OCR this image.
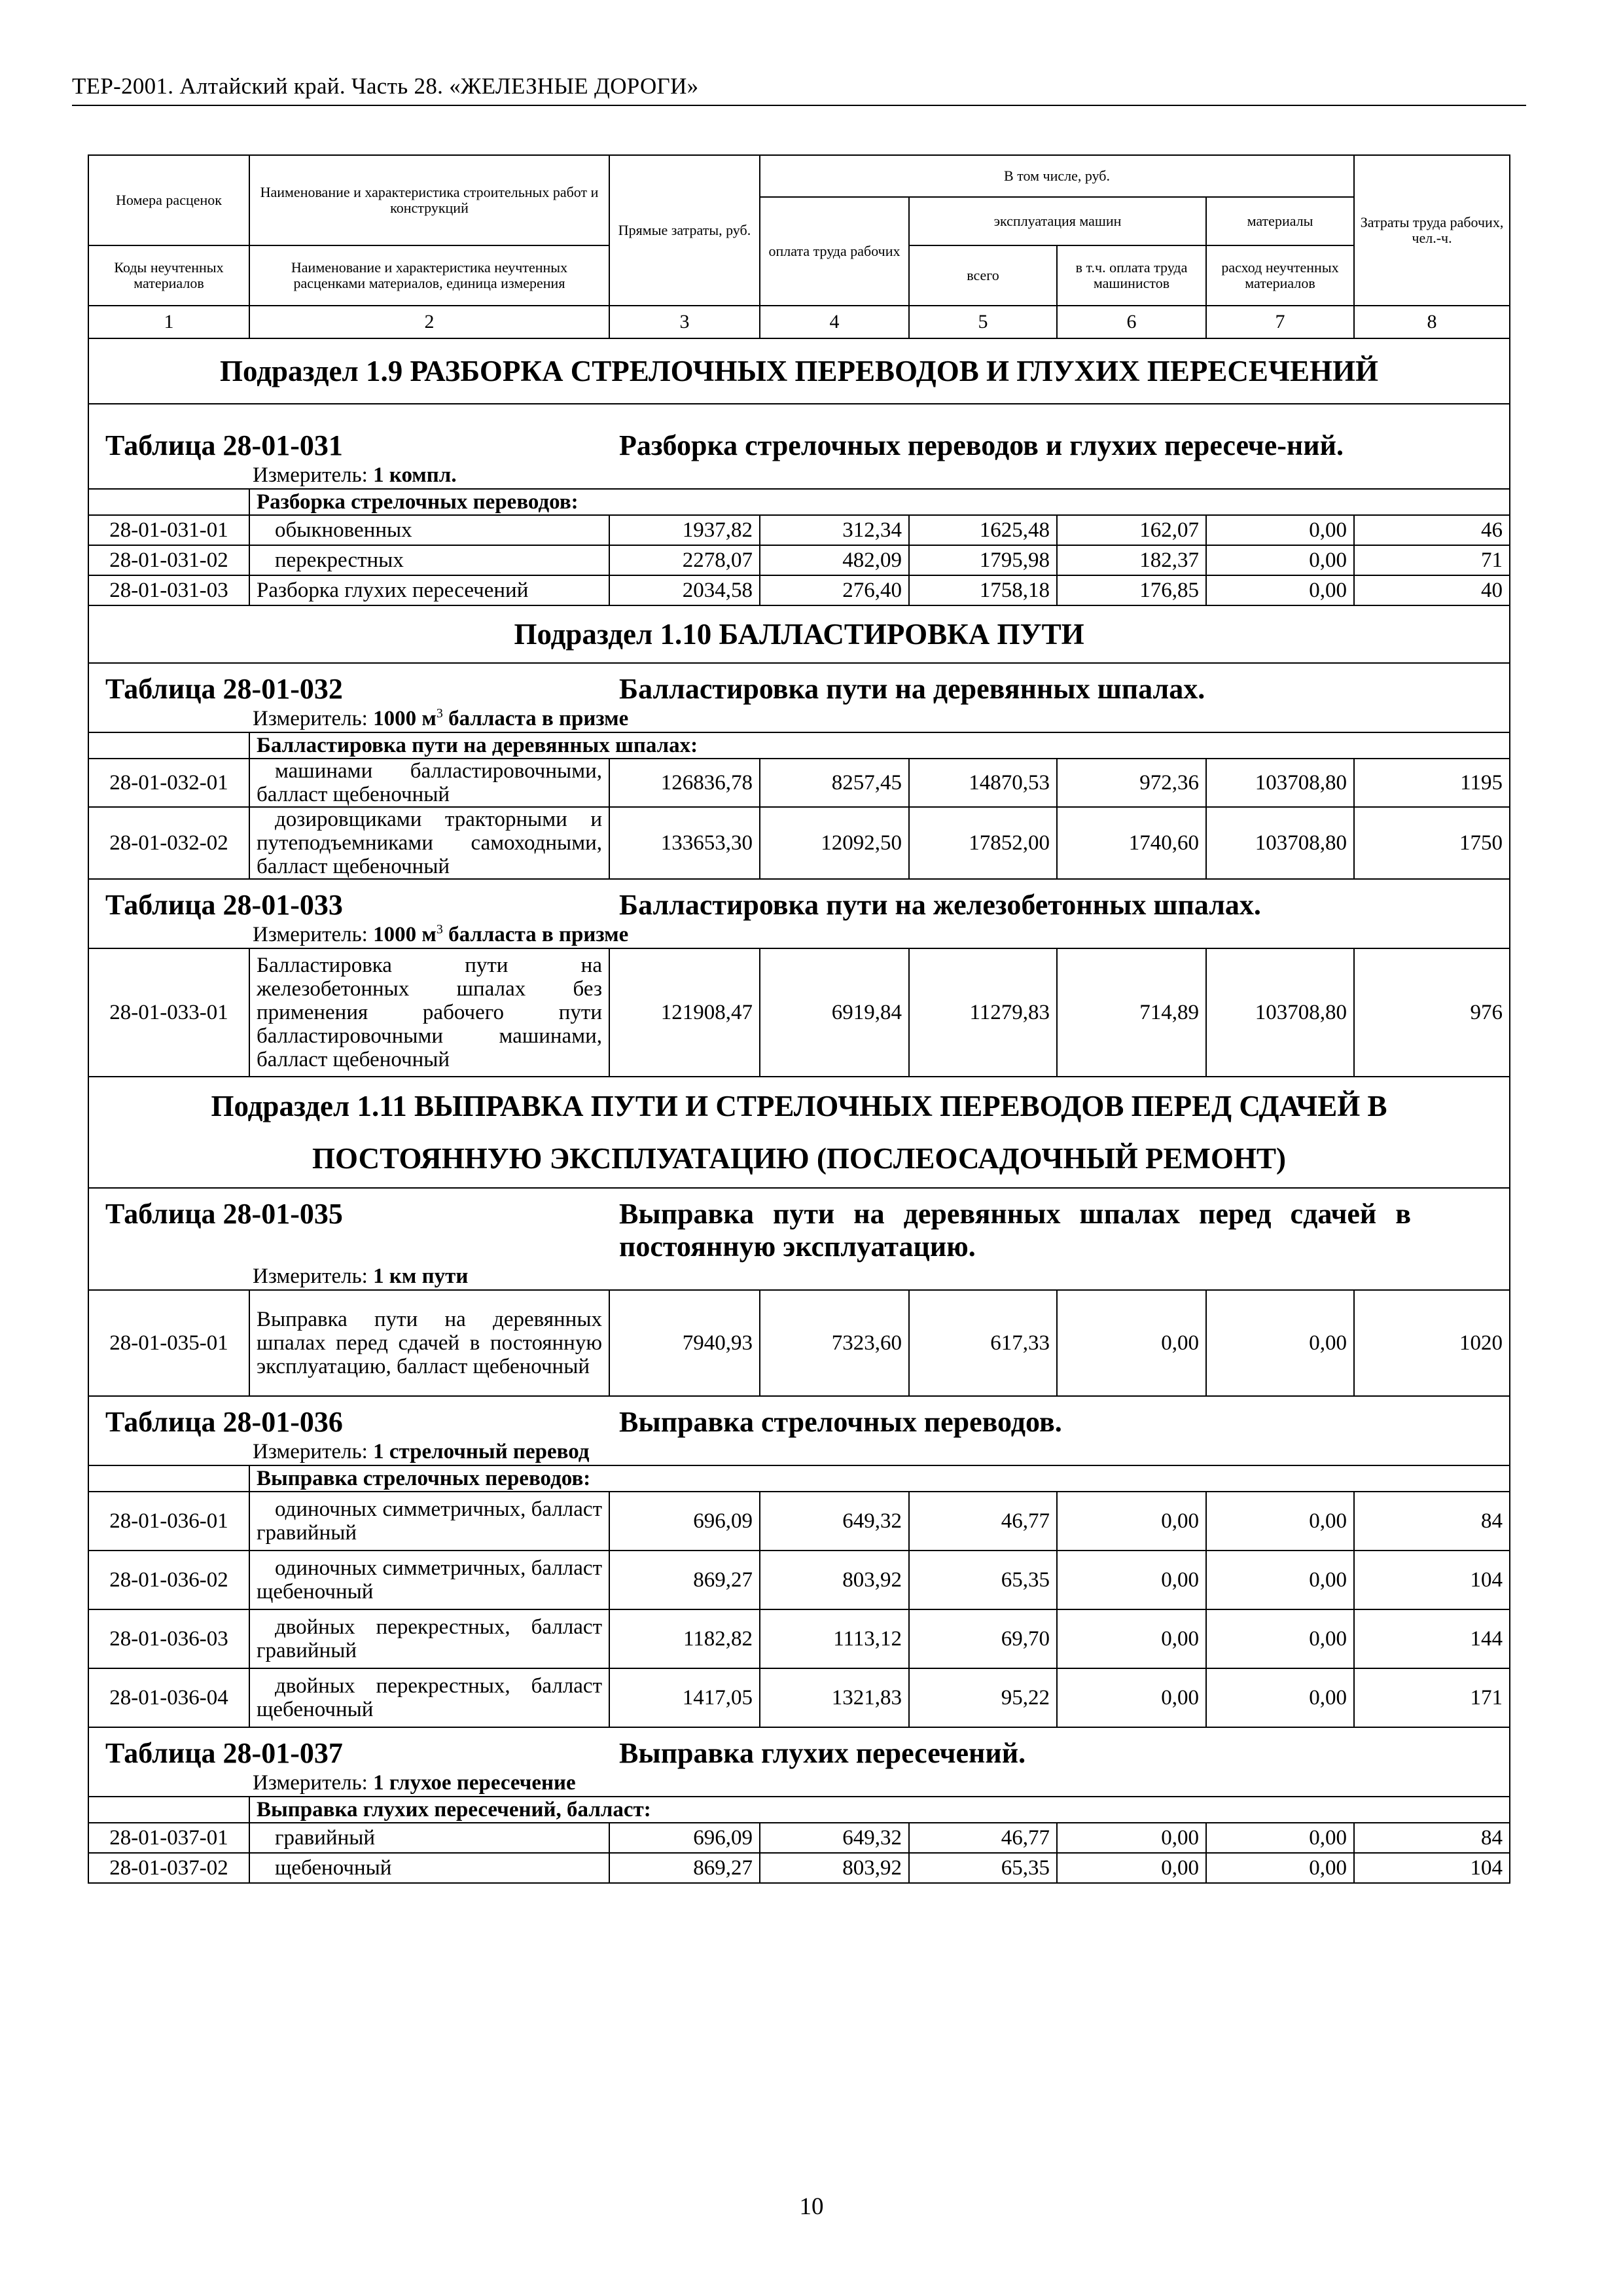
ТЕР-2001. Алтайский край. Часть 28. «ЖЕЛЕЗНЫЕ ДОРОГИ»
Номера расценок	Наименование и характеристика строительных работ и конструкций	Прямые затраты, руб.	В том числе, руб.				Затраты труда рабочих, чел.-ч.
			оплата труда рабочих	эксплуатация машин		материалы	
Коды неучтенных материалов	Наименование и характеристика неучтенных расценками материалов, единица измерения			всего	в т.ч. оплата труда машинистов	расход неучтенных материалов	
1	2	3	4	5	6	7	8
Подраздел 1.9 РАЗБОРКА СТРЕЛОЧНЫХ ПЕРЕВОДОВ И ГЛУХИХ ПЕРЕСЕЧЕНИЙ							

Таблица 28-01-031 Разборка стрелочных переводов и глухих пересече-ний.
Измеритель: 1 компл.							

	Разборка стрелочных переводов:						
28-01-031-01	обыкновенных	1937,82	312,34	1625,48	162,07	0,00	46
28-01-031-02	перекрестных	2278,07	482,09	1795,98	182,37	0,00	71
28-01-031-03	Разборка глухих пересечений	2034,58	276,40	1758,18	176,85	0,00	40
Подраздел 1.10 БАЛЛАСТИРОВКА ПУТИ							

Таблица 28-01-032 Балластировка пути на деревянных шпалах.
Измеритель: 1000 $м^3$ балласта в призме							

	Балластировка пути на деревянных шпалах:						
28-01-032-01	машинами балластировочными, балласт щебеночный	126836,78	8257,45	14870,53	972,36	103708,80	1195
28-01-032-02	дозировщиками тракторными и путеподъемниками самоходными, балласт щебеночный	133653,30	12092,50	17852,00	1740,60	103708,80	1750

Таблица 28-01-033 Балластировка пути на железобетонных шпалах.
Измеритель: 1000 $м^3$ балласта в призме							

28-01-033-01	Балластировка пути на железобетонных шпалах без применения рабочего пути балластировочными машинами, балласт щебеночный	121908,47	6919,84	11279,83	714,89	103708,80	976

Подраздел 1.11 ВЫПРАВКА ПУТИ И СТРЕЛОЧНЫХ ПЕРЕВОДОВ ПЕРЕД СДАЧЕЙ В ПОСТОЯННУЮ ЭКСПЛУАТАЦИЮ (ПОСЛЕОСАДОЧНЫЙ РЕМОНТ)							

Таблица 28-01-035 Выправка пути на деревянных шпалах перед сдачей в постоянную эксплуатацию.
Измеритель: 1 км пути							

28-01-035-01	Выправка пути на деревянных шпалах перед сдачей в постоянную эксплуатацию, балласт щебеночный	7940,93	7323,60	617,33	0,00	0,00	1020

Таблица 28-01-036 Выправка стрелочных переводов.
Измеритель: 1 стрелочный перевод							

	Выправка стрелочных переводов:						
28-01-036-01	одиночных симметричных, балласт гравийный	696,09	649,32	46,77	0,00	0,00	84
28-01-036-02	одиночных симметричных, балласт щебеночный	869,27	803,92	65,35	0,00	0,00	104
28-01-036-03	двойных перекрестных, балласт гравийный	1182,82	1113,12	69,70	0,00	0,00	144
28-01-036-04	двойных перекрестных, балласт щебеночный	1417,05	1321,83	95,22	0,00	0,00	171

Таблица 28-01-037 Выправка глухих пересечений.
Измеритель: 1 глухое пересечение							

	Выправка глухих пересечений, балласт:						
28-01-037-01	гравийный	696,09	649,32	46,77	0,00	0,00	84
28-01-037-02	щебеночный	869,27	803,92	65,35	0,00	0,00	104
10
